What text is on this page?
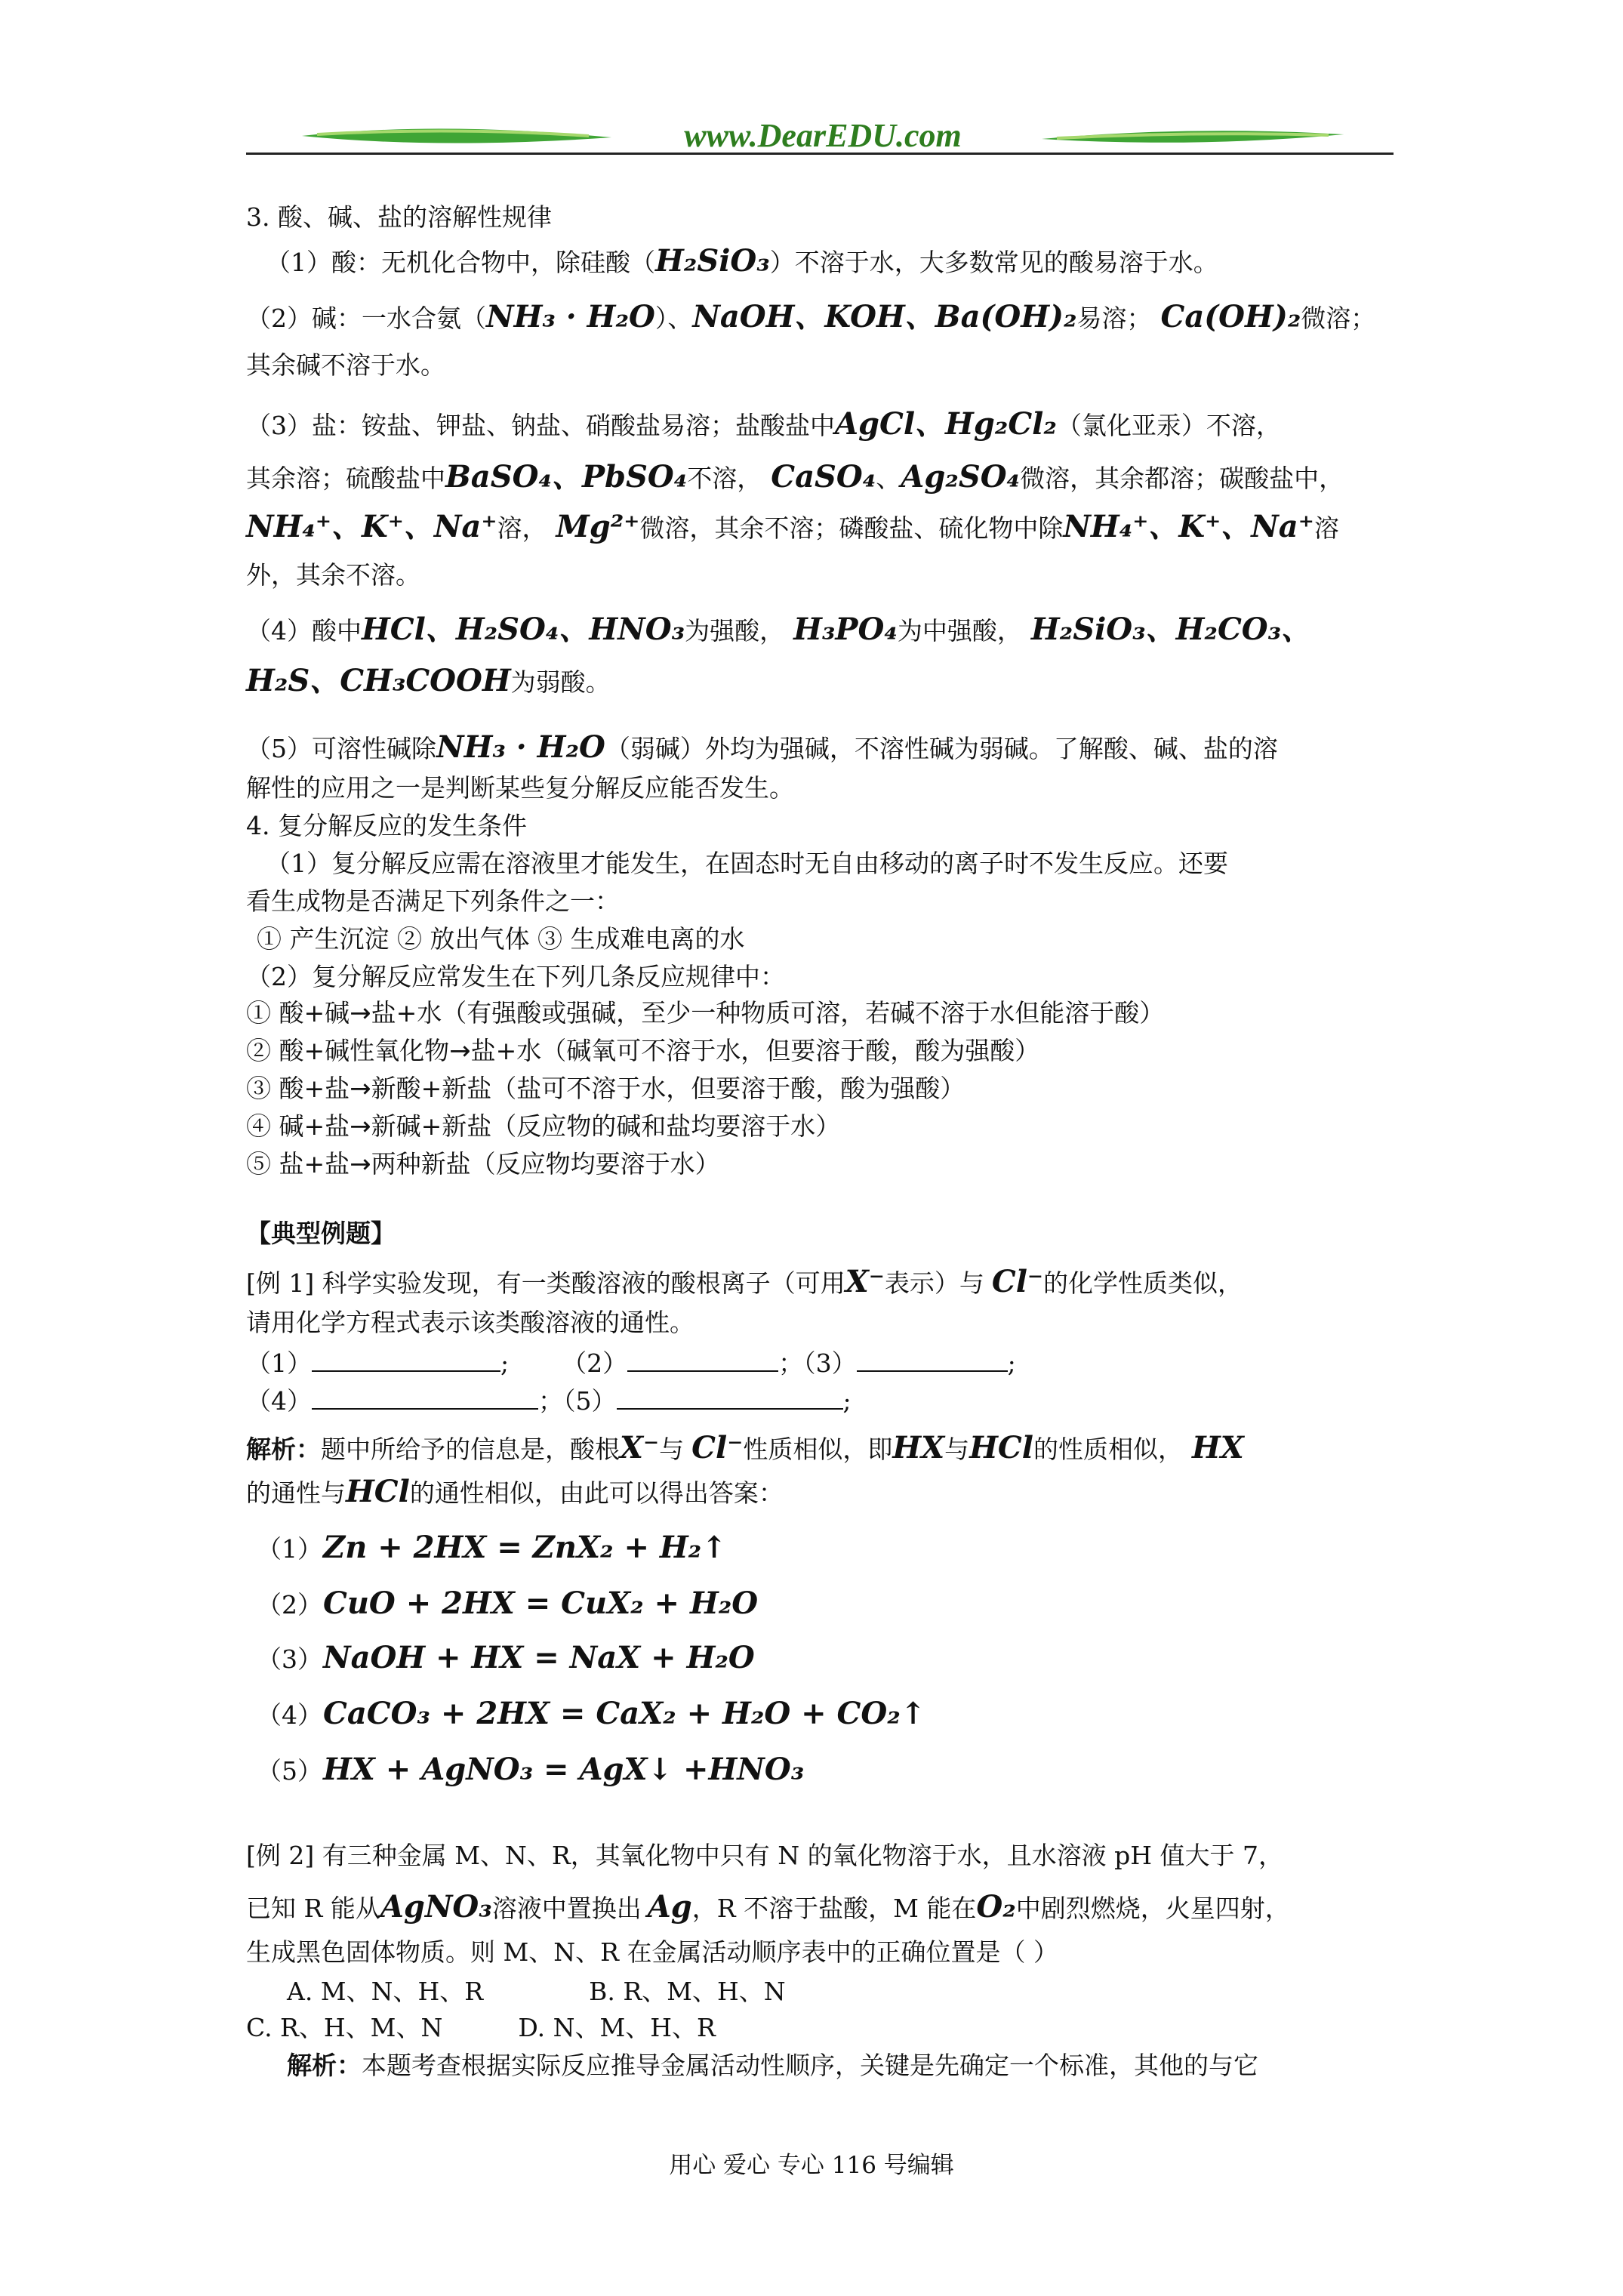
www.DearEDU.com
3. 酸、碱、盐的溶解性规律
（1）酸：无机化合物中，除硅酸（H₂SiO₃）不溶于水，大多数常见的酸易溶于水。
（2）碱：一水合氨（NH₃ · H₂O）、NaOH、KOH、Ba(OH)₂易溶； Ca(OH)₂微溶；
其余碱不溶于水。
（3）盐：铵盐、钾盐、钠盐、硝酸盐易溶；盐酸盐中AgCl、Hg₂Cl₂（氯化亚汞）不溶，
其余溶；硫酸盐中BaSO₄、PbSO₄不溶， CaSO₄、Ag₂SO₄微溶，其余都溶；碳酸盐中，
NH₄⁺、K⁺、Na⁺溶， Mg²⁺微溶，其余不溶；磷酸盐、硫化物中除NH₄⁺、K⁺、Na⁺溶
外，其余不溶。
（4）酸中HCl、H₂SO₄、HNO₃为强酸， H₃PO₄为中强酸， H₂SiO₃、H₂CO₃、
H₂S、CH₃COOH为弱酸。
（5）可溶性碱除NH₃ · H₂O（弱碱）外均为强碱，不溶性碱为弱碱。了解酸、碱、盐的溶
解性的应用之一是判断某些复分解反应能否发生。
4. 复分解反应的发生条件
（1）复分解反应需在溶液里才能发生，在固态时无自由移动的离子时不发生反应。还要
看生成物是否满足下列条件之一：
① 产生沉淀 ② 放出气体 ③ 生成难电离的水
（2）复分解反应常发生在下列几条反应规律中：
① 酸+碱→盐+水（有强酸或强碱，至少一种物质可溶，若碱不溶于水但能溶于酸）
② 酸+碱性氧化物→盐+水（碱氧可不溶于水，但要溶于酸，酸为强酸）
③ 酸+盐→新酸+新盐（盐可不溶于水，但要溶于酸，酸为强酸）
④ 碱+盐→新碱+新盐（反应物的碱和盐均要溶于水）
⑤ 盐+盐→两种新盐（反应物均要溶于水）
【典型例题】
[例 1] 科学实验发现，有一类酸溶液的酸根离子（可用X⁻表示）与 Cl⁻的化学性质类似，
请用化学方程式表示该类酸溶液的通性。
（1）	; （2）	；（3）	;
（4）	；（5）	;
解析：题中所给予的信息是，酸根X⁻与 Cl⁻性质相似，即HX与HCl的性质相似， HX
的通性与HCl的通性相似，由此可以得出答案：
（1）Zn + 2HX = ZnX₂ + H₂↑
（2）CuO + 2HX = CuX₂ + H₂O
（3）NaOH + HX = NaX + H₂O
（4）CaCO₃ + 2HX = CaX₂ + H₂O + CO₂↑
（5）HX + AgNO₃ = AgX↓ +HNO₃
[例 2] 有三种金属 M、N、R，其氧化物中只有 N 的氧化物溶于水，且水溶液 pH 值大于 7，
已知 R 能从AgNO₃溶液中置换出 Ag，R 不溶于盐酸，M 能在O₂中剧烈燃烧，火星四射，
生成黑色固体物质。则 M、N、R 在金属活动顺序表中的正确位置是（ ）
A. M、N、H、R	B. R、M、H、N
C. R、H、M、N	D. N、M、H、R
解析：本题考查根据实际反应推导金属活动性顺序，关键是先确定一个标准，其他的与它
用心 爱心 专心 116 号编辑
